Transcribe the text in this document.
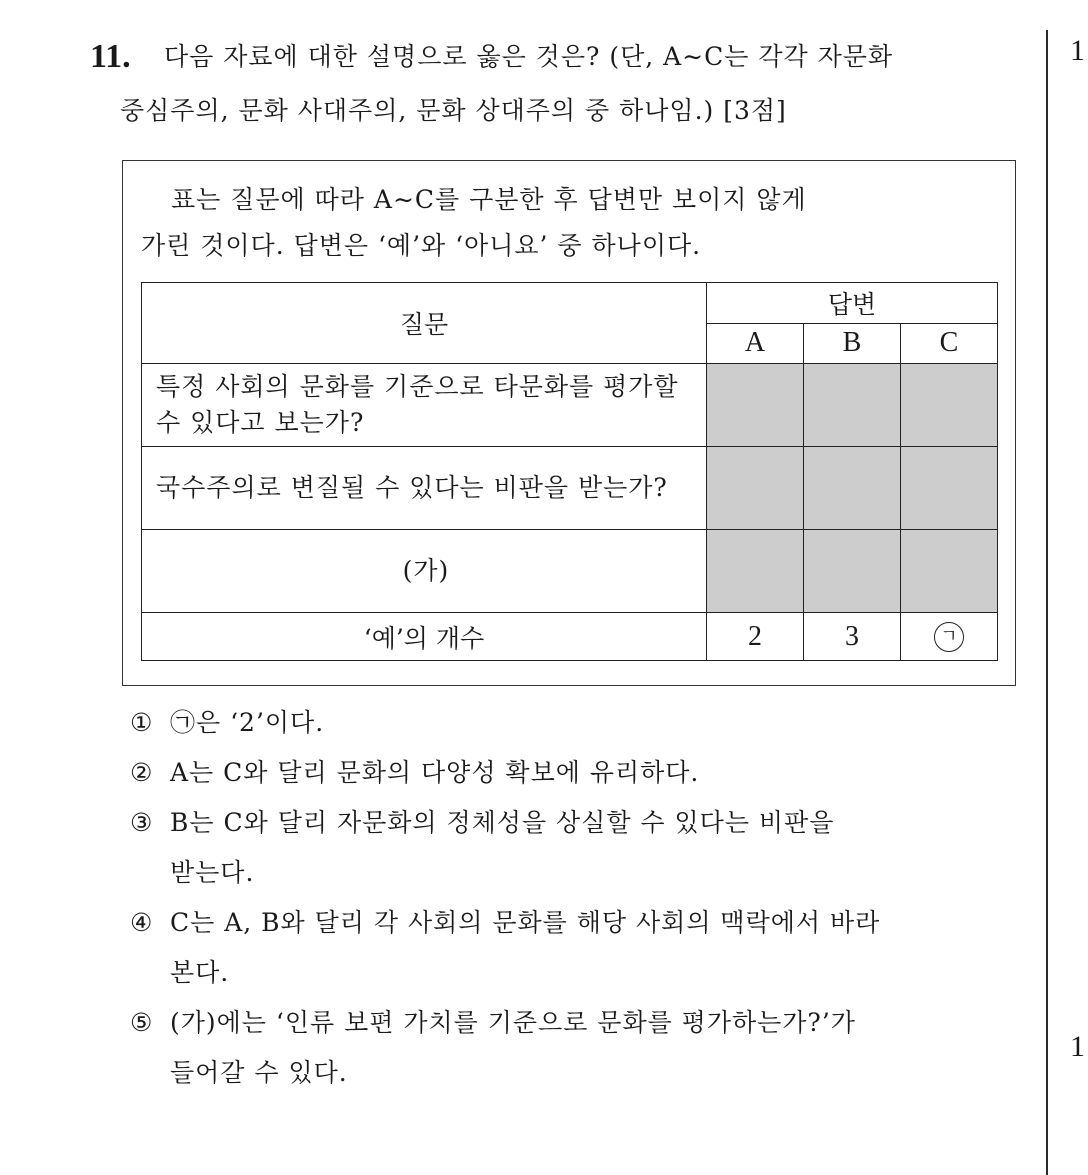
11.	다음 자료에 대한 설명으로 옳은 것은? (단, A∼C는 각각 자문화
중심주의, 문화 사대주의, 문화 상대주의 중 하나임.) [3점]
1
1
표는 질문에 따라 A∼C를 구분한 후 답변만 보이지 않게
가린 것이다. 답변은 ‘예’와 ‘아니요’ 중 하나이다.
질문	답변		
	A	B	C
특정 사회의 문화를 기준으로 타문화를 평가할 수 있다고 보는가?			
국수주의로 변질될 수 있다는 비판을 받는가?			
(가)			
‘예’의 개수	2	3	ㄱ
① ㉠은 ‘2’이다.
② A는 C와 달리 문화의 다양성 확보에 유리하다.
③ B는 C와 달리 자문화의 정체성을 상실할 수 있다는 비판을
받는다.
④ C는 A, B와 달리 각 사회의 문화를 해당 사회의 맥락에서 바라
본다.
⑤ (가)에는 ‘인류 보편 가치를 기준으로 문화를 평가하는가?’가
들어갈 수 있다.
